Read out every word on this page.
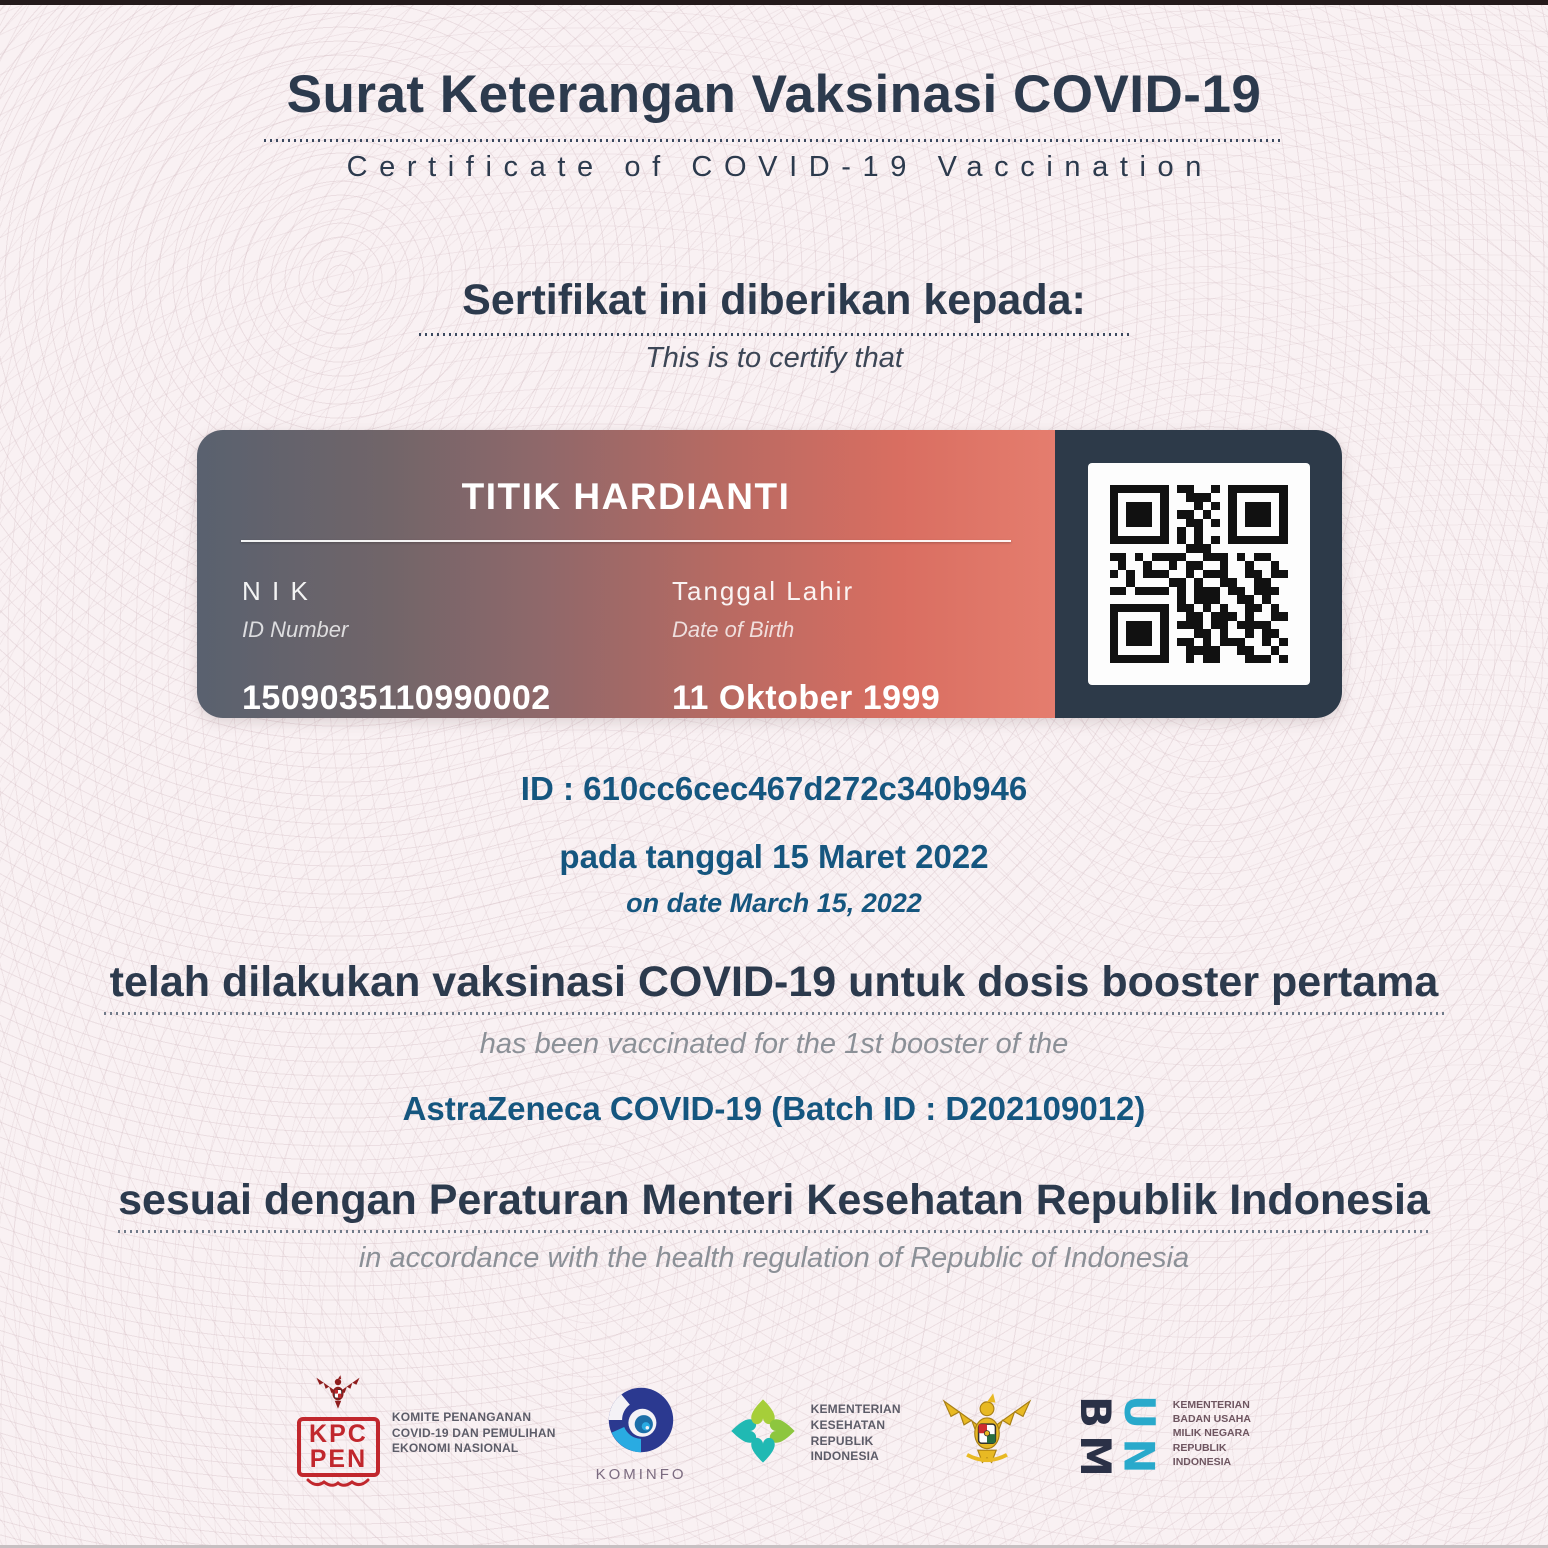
Surat Keterangan Vaksinasi COVID-19
Certificate of COVID-19 Vaccination
Sertifikat ini diberikan kepada:
This is to certify that
TITIK HARDIANTI
N I K
ID Number
1509035110990002
Tanggal Lahir
Date of Birth
11 Oktober 1999
ID : 610cc6cec467d272c340b946
pada tanggal 15 Maret 2022
on date March 15, 2022
telah dilakukan vaksinasi COVID-19 untuk dosis booster pertama
has been vaccinated for the 1st booster of the
AstraZeneca COVID-19 (Batch ID : D202109012)
sesuai dengan Peraturan Menteri Kesehatan Republik Indonesia
in accordance with the health regulation of Republic of Indonesia
KPC
PEN
KOMITE PENANGANAN
COVID-19 DAN PEMULIHAN
EKONOMI NASIONAL
KOMINFO
KEMENTERIAN
KESEHATAN
REPUBLIK
INDONESIA
B
U
M
N
KEMENTERIAN
BADAN USAHA
MILIK NEGARA
REPUBLIK
INDONESIA
